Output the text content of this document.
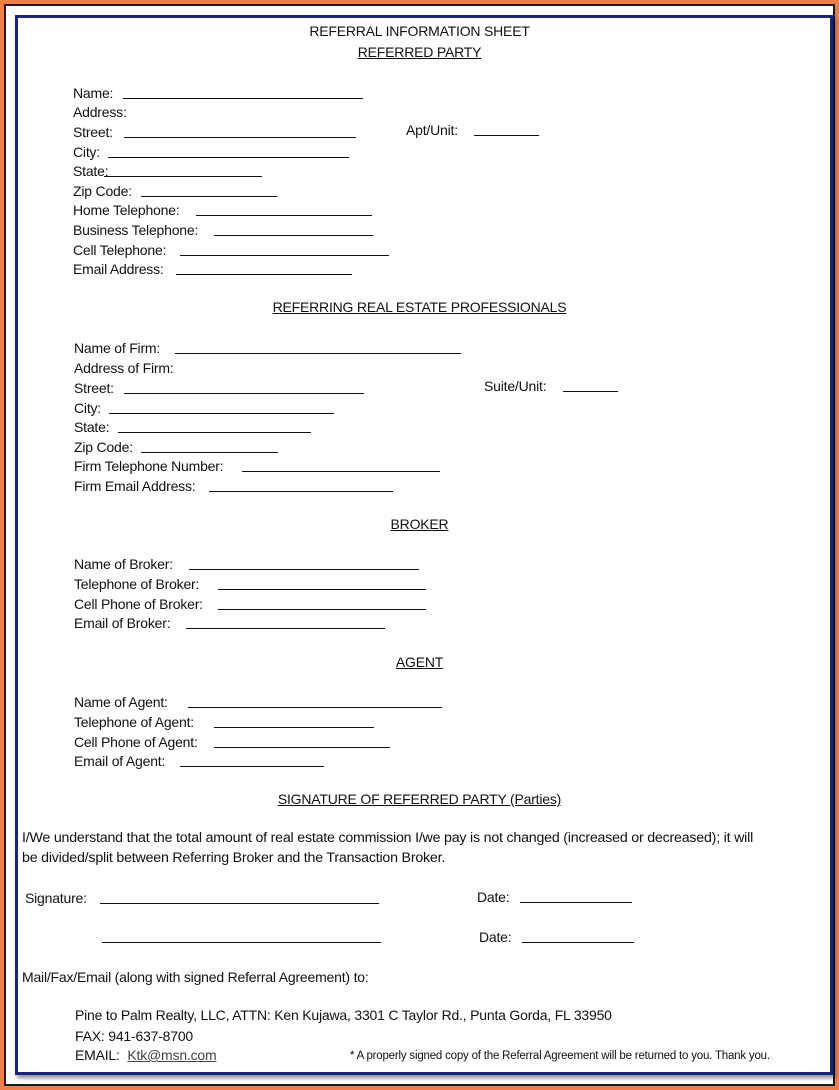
REFERRAL INFORMATION SHEET
REFERRED PARTY
Name:
Address:
Street:	Apt/Unit:
City:
State:
Zip Code:
Home Telephone:
Business Telephone:
Cell Telephone:
Email Address:
REFERRING REAL ESTATE PROFESSIONALS
Name of Firm:
Address of Firm:
Street:	Suite/Unit:
City:
State:
Zip Code:
Firm Telephone Number:
Firm Email Address:
BROKER
Name of Broker:
Telephone of Broker:
Cell Phone of Broker:
Email of Broker:
AGENT
Name of Agent:
Telephone of Agent:
Cell Phone of Agent:
Email of Agent:
SIGNATURE OF REFERRED PARTY (Parties)
I/We understand that the total amount of real estate commission I/we pay is not changed (increased or decreased); it will
be divided/split between Referring Broker and the Transaction Broker.
Signature:	Date:
Date:
Mail/Fax/Email (along with signed Referral Agreement) to:
Pine to Palm Realty, LLC, ATTN: Ken Kujawa, 3301 C Taylor Rd., Punta Gorda, FL 33950
FAX: 941-637-8700
EMAIL: Ktk@msn.com	* A properly signed copy of the Referral Agreement will be returned to you. Thank you.
